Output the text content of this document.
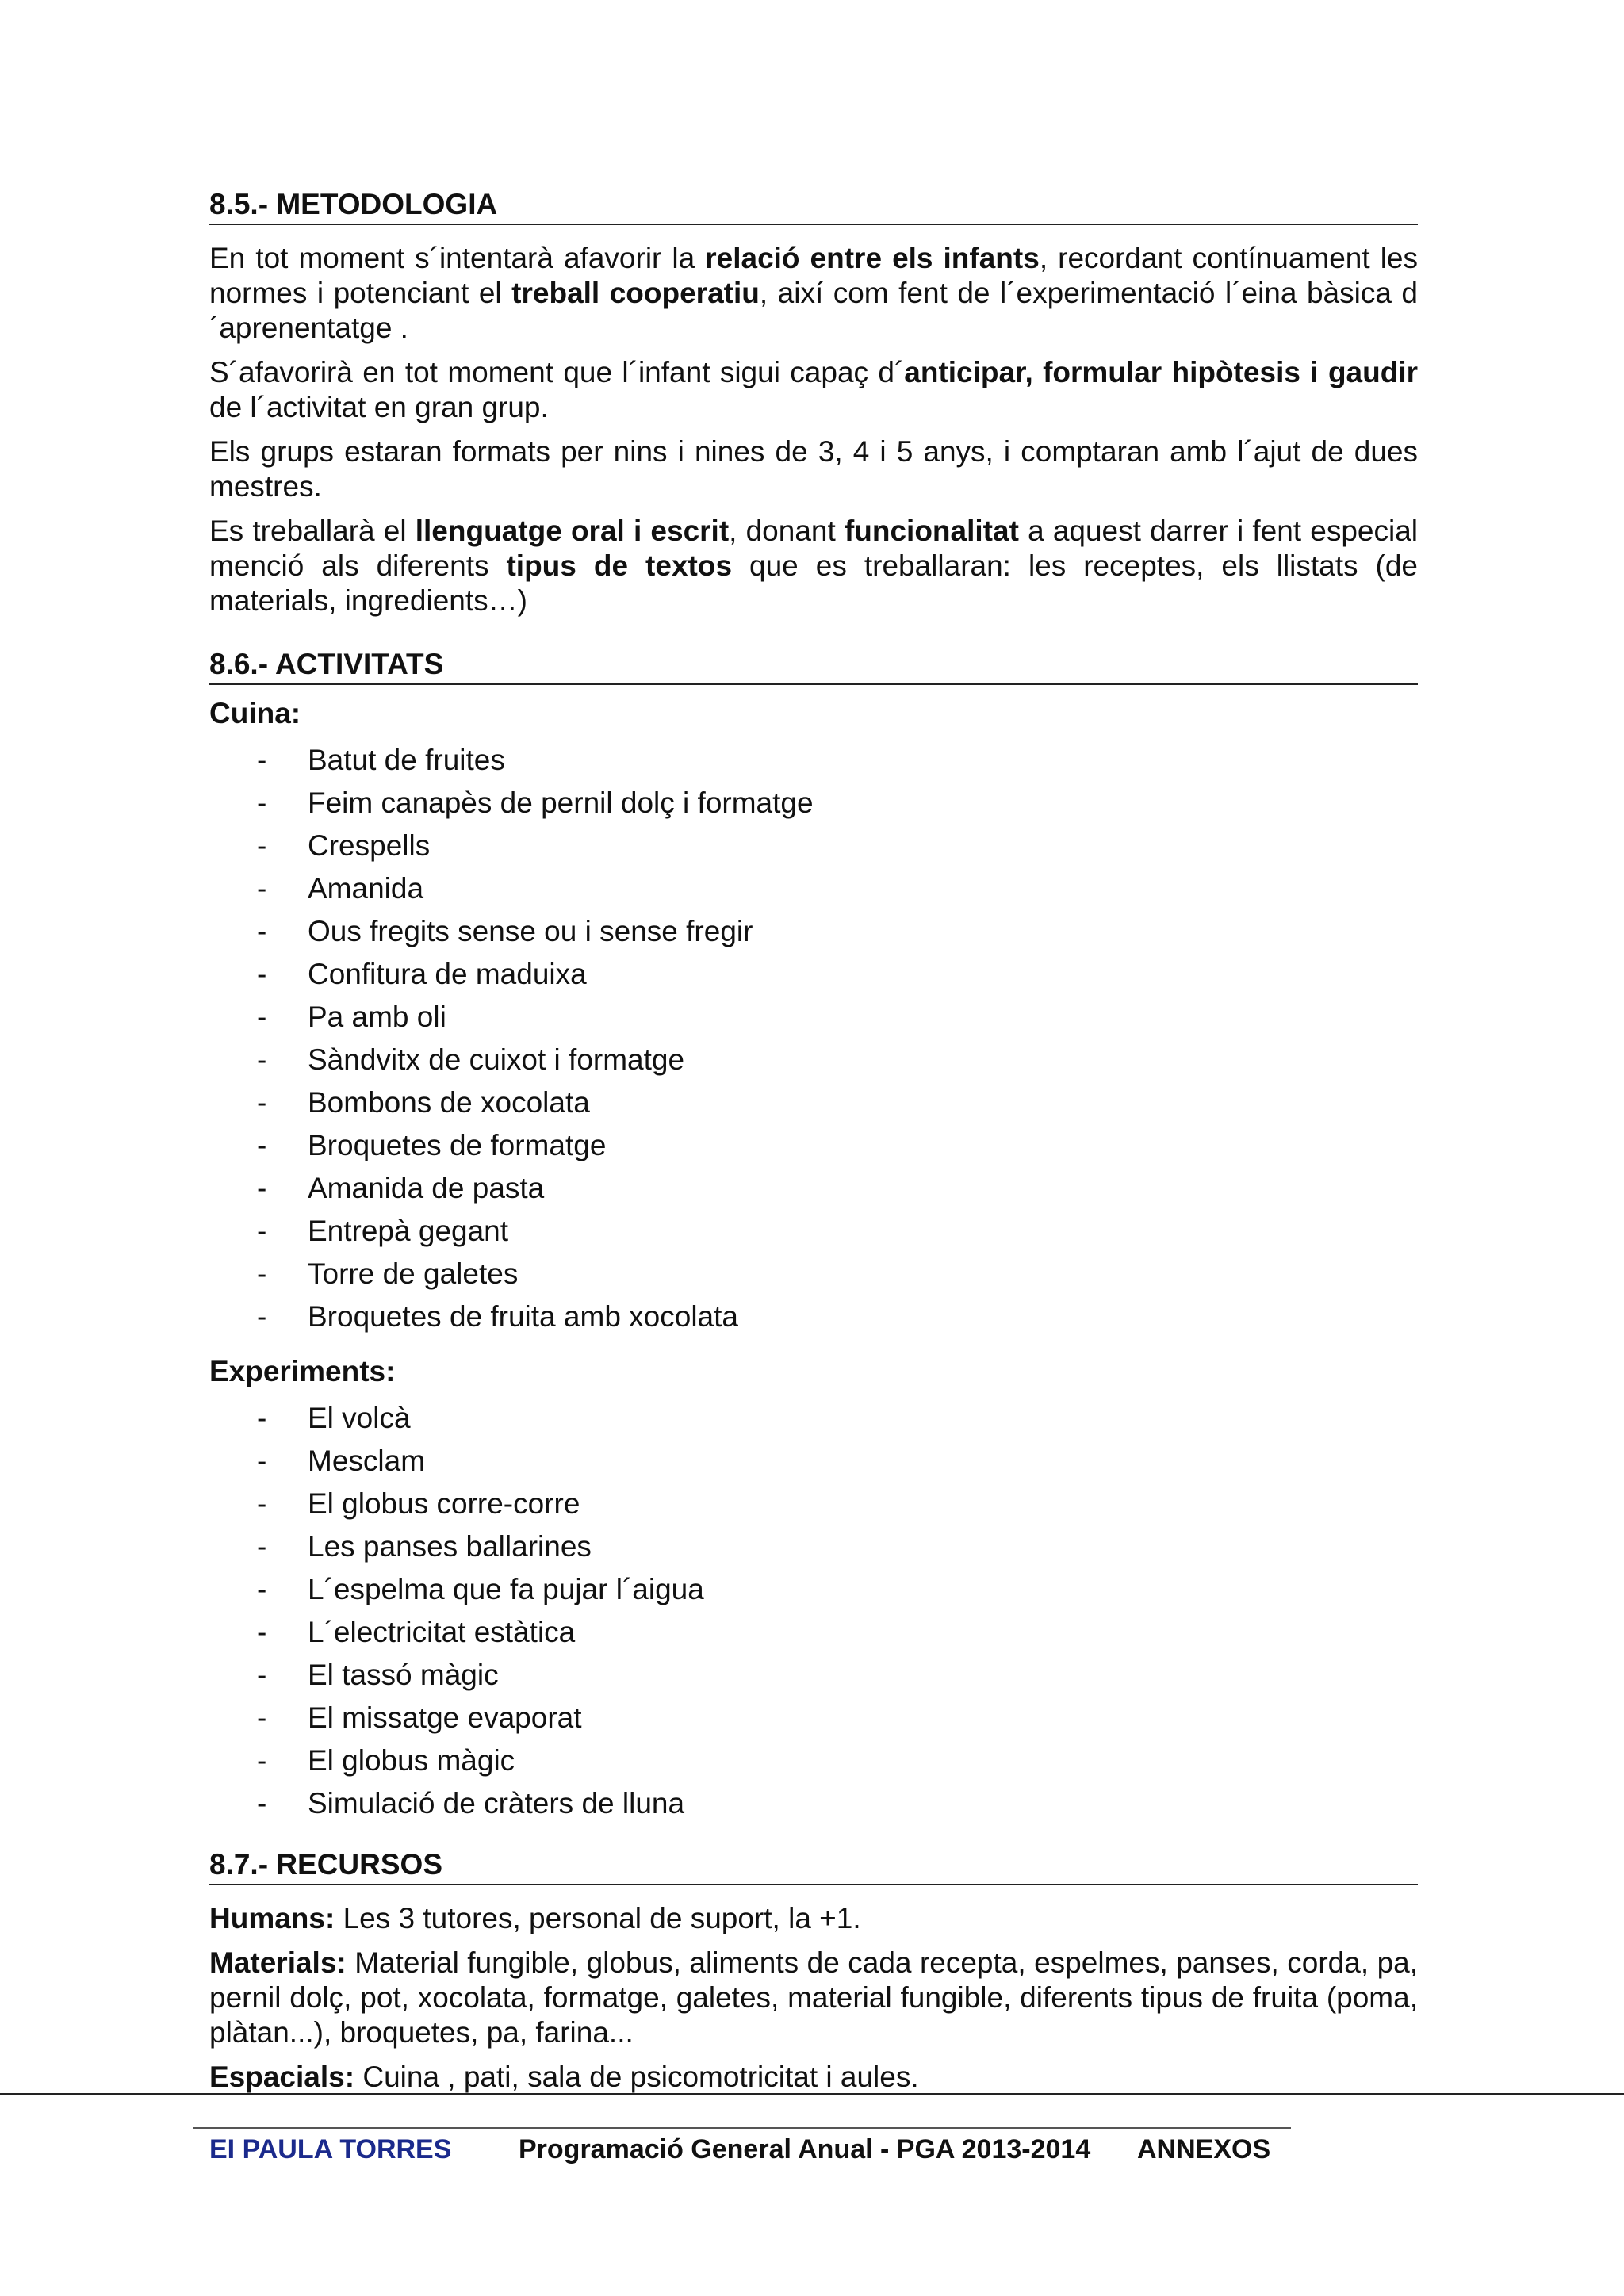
8.5.- METODOLOGIA

En tot moment s´intentarà afavorir la relació entre els infants, recordant contínuament les normes i potenciant el treball cooperatiu, així com fent de l´experimentació l´eina bàsica d´aprenentatge .

S´afavorirà en tot moment que l´infant sigui capaç d´anticipar, formular hipòtesis i gaudir de l´activitat en gran grup.

Els grups estaran formats per nins i nines de 3, 4 i 5 anys, i comptaran amb l´ajut de dues mestres.

Es treballarà el llenguatge oral i escrit, donant funcionalitat a aquest darrer i fent especial menció als diferents tipus de textos que es treballaran: les receptes, els llistats (de materials, ingredients…)

8.6.- ACTIVITATS
Cuina:
- Batut de fruites
- Feim canapès de pernil dolç i formatge
- Crespells
- Amanida
- Ous fregits sense ou i sense fregir
- Confitura de maduixa
- Pa amb oli
- Sàndvitx de cuixot i formatge
- Bombons de xocolata
- Broquetes de formatge
- Amanida de pasta
- Entrepà gegant
- Torre de galetes
- Broquetes de fruita amb xocolata
Experiments:
- El volcà
- Mesclam
- El globus corre-corre
- Les panses ballarines
- L´espelma que fa pujar l´aigua
- L´electricitat estàtica
- El tassó màgic
- El missatge evaporat
- El globus màgic
- Simulació de cràters de lluna
8.7.- RECURSOS

Humans: Les 3 tutores, personal de suport, la +1.

Materials: Material fungible, globus, aliments de cada recepta, espelmes, panses, corda, pa, pernil dolç, pot, xocolata, formatge, galetes, material fungible, diferents tipus de fruita (poma, plàtan...), broquetes, pa, farina...

Espacials: Cuina , pati, sala de psicomotricitat i aules.

EI PAULA TORRES Programació General Anual - PGA 2013-2014 ANNEXOS
